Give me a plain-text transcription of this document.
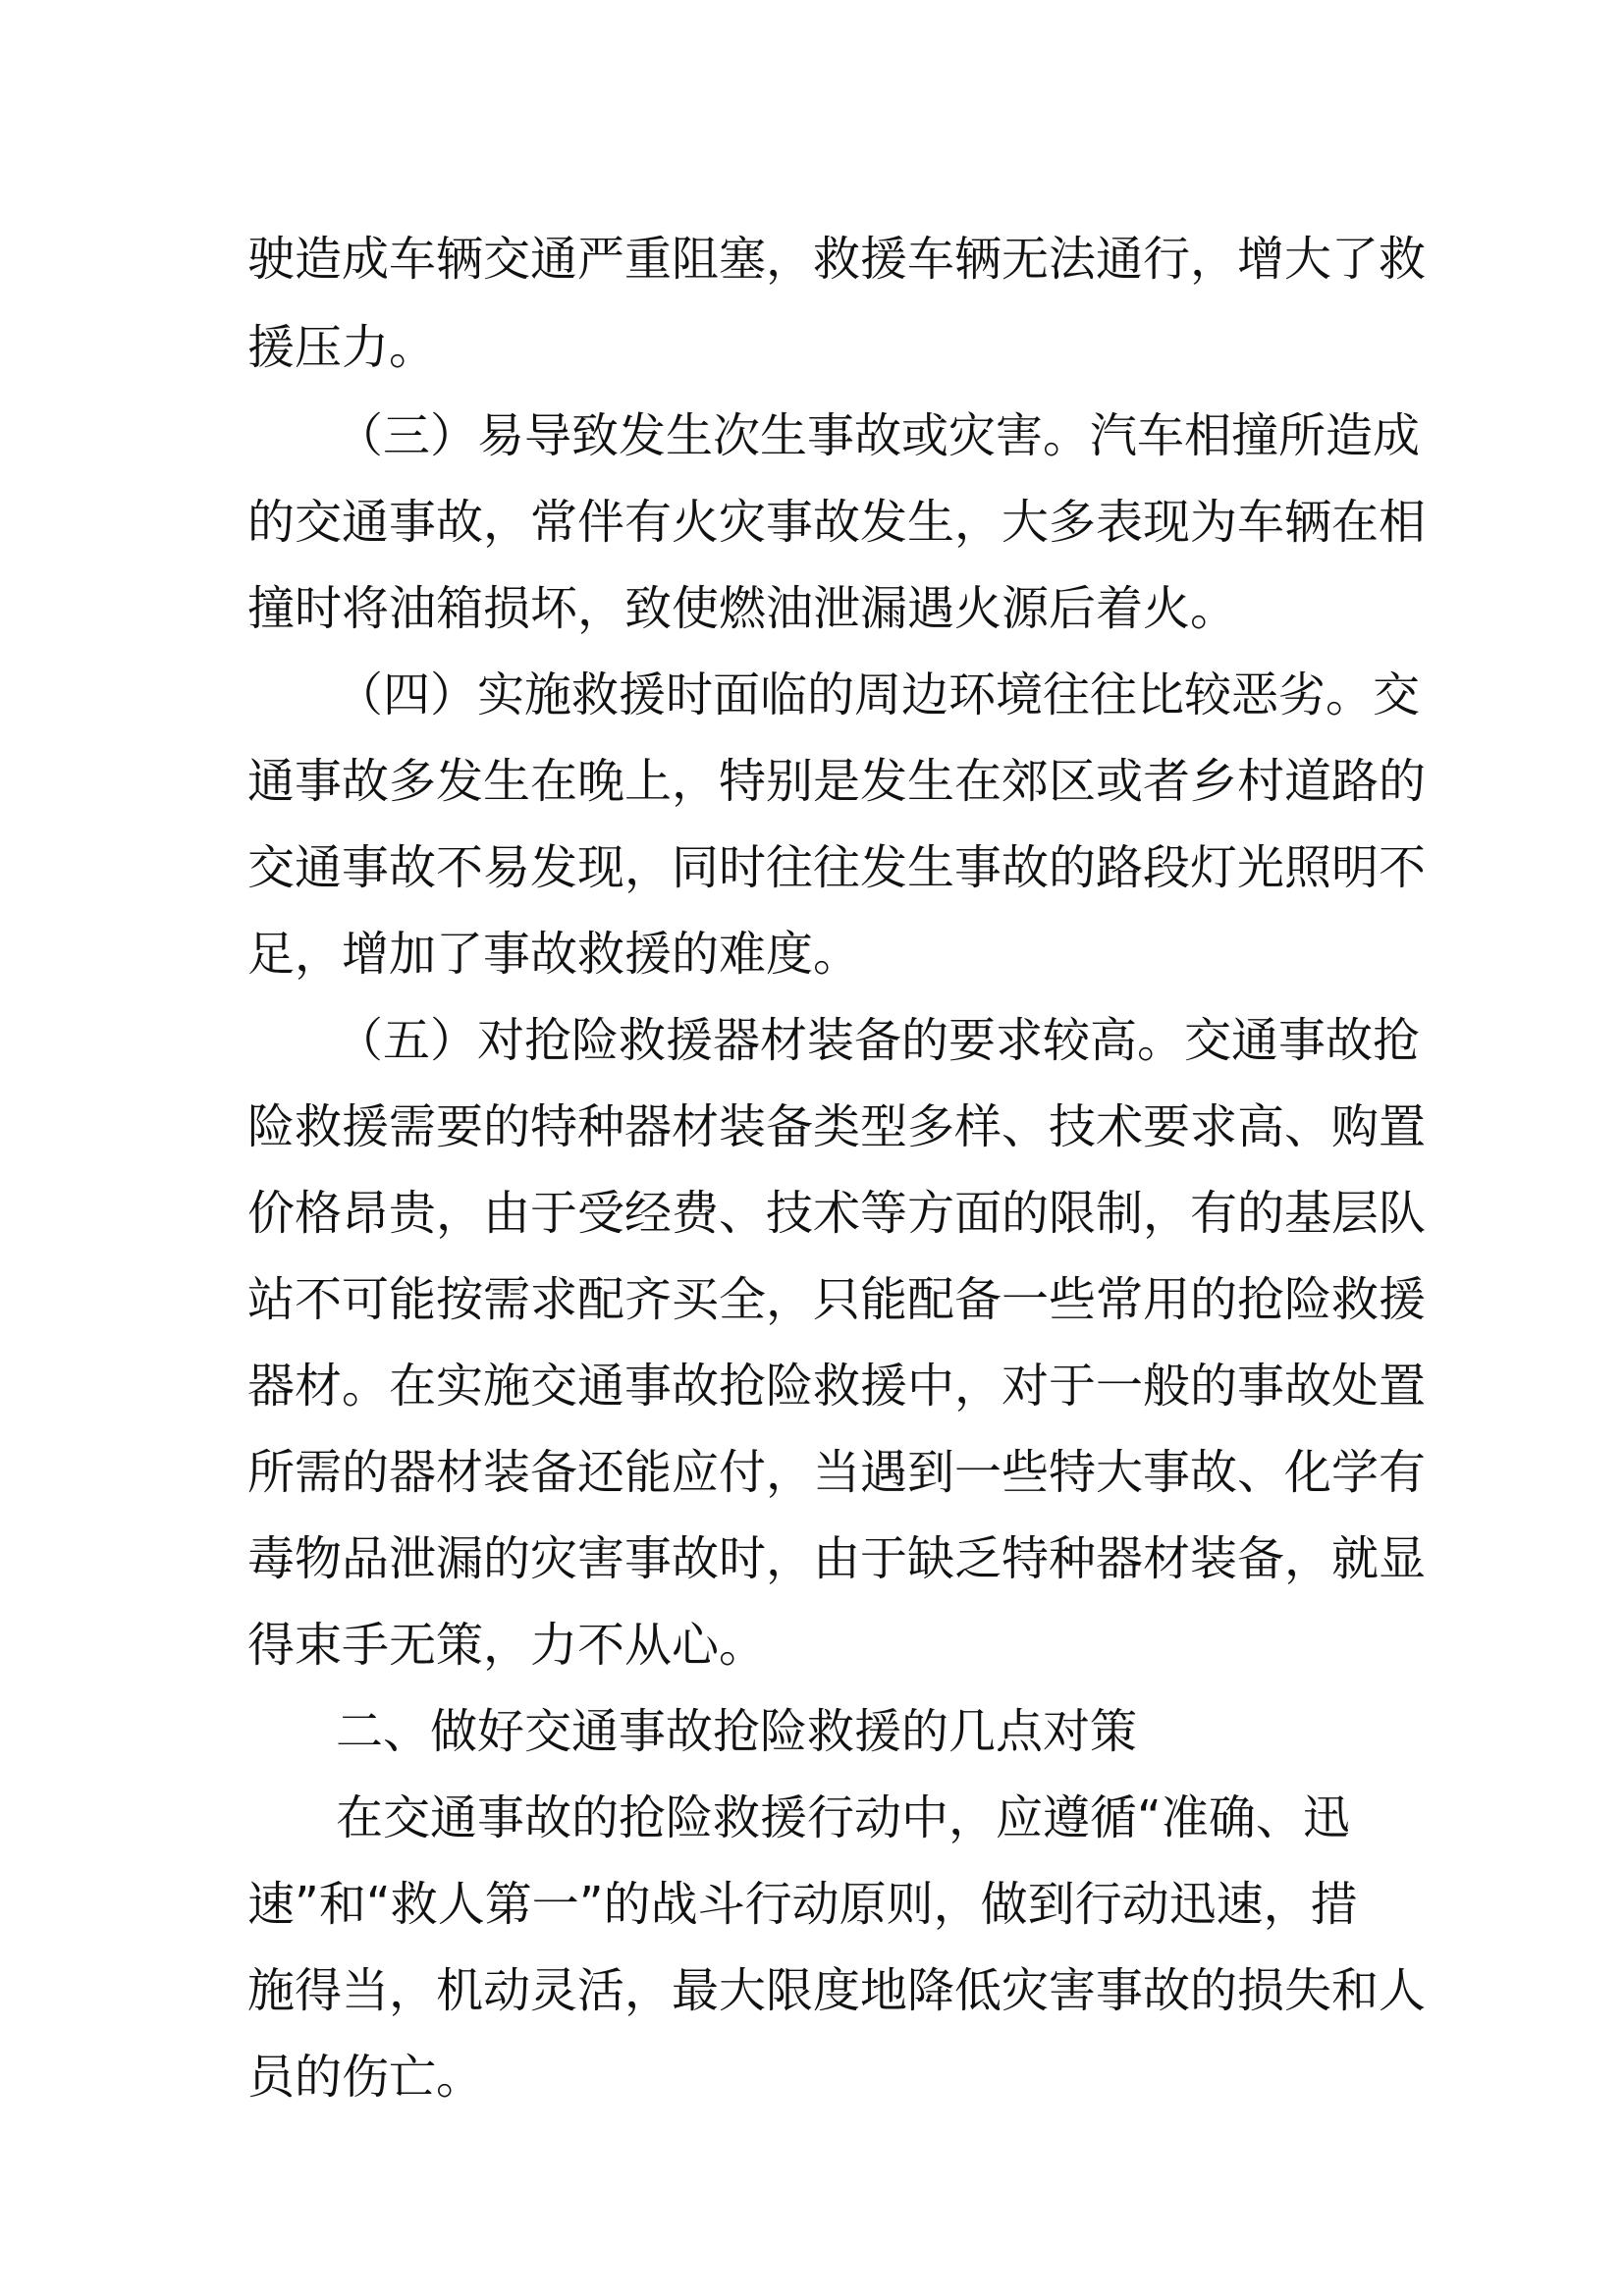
驶造成车辆交通严重阻塞，救援车辆无法通行，增大了救
援压力。
（三）易导致发生次生事故或灾害。汽车相撞所造成
的交通事故，常伴有火灾事故发生，大多表现为车辆在相
撞时将油箱损坏，致使燃油泄漏遇火源后着火。
（四）实施救援时面临的周边环境往往比较恶劣。交
通事故多发生在晚上，特别是发生在郊区或者乡村道路的
交通事故不易发现，同时往往发生事故的路段灯光照明不
足，增加了事故救援的难度。
（五）对抢险救援器材装备的要求较高。交通事故抢
险救援需要的特种器材装备类型多样、技术要求高、购置
价格昂贵，由于受经费、技术等方面的限制，有的基层队
站不可能按需求配齐买全，只能配备一些常用的抢险救援
器材。在实施交通事故抢险救援中，对于一般的事故处置
所需的器材装备还能应付，当遇到一些特大事故、化学有
毒物品泄漏的灾害事故时，由于缺乏特种器材装备，就显
得束手无策，力不从心。
二、做好交通事故抢险救援的几点对策
在交通事故的抢险救援行动中，应遵循“准确、迅
速”和“救人第一”的战斗行动原则，做到行动迅速，措
施得当，机动灵活，最大限度地降低灾害事故的损失和人
员的伤亡。
